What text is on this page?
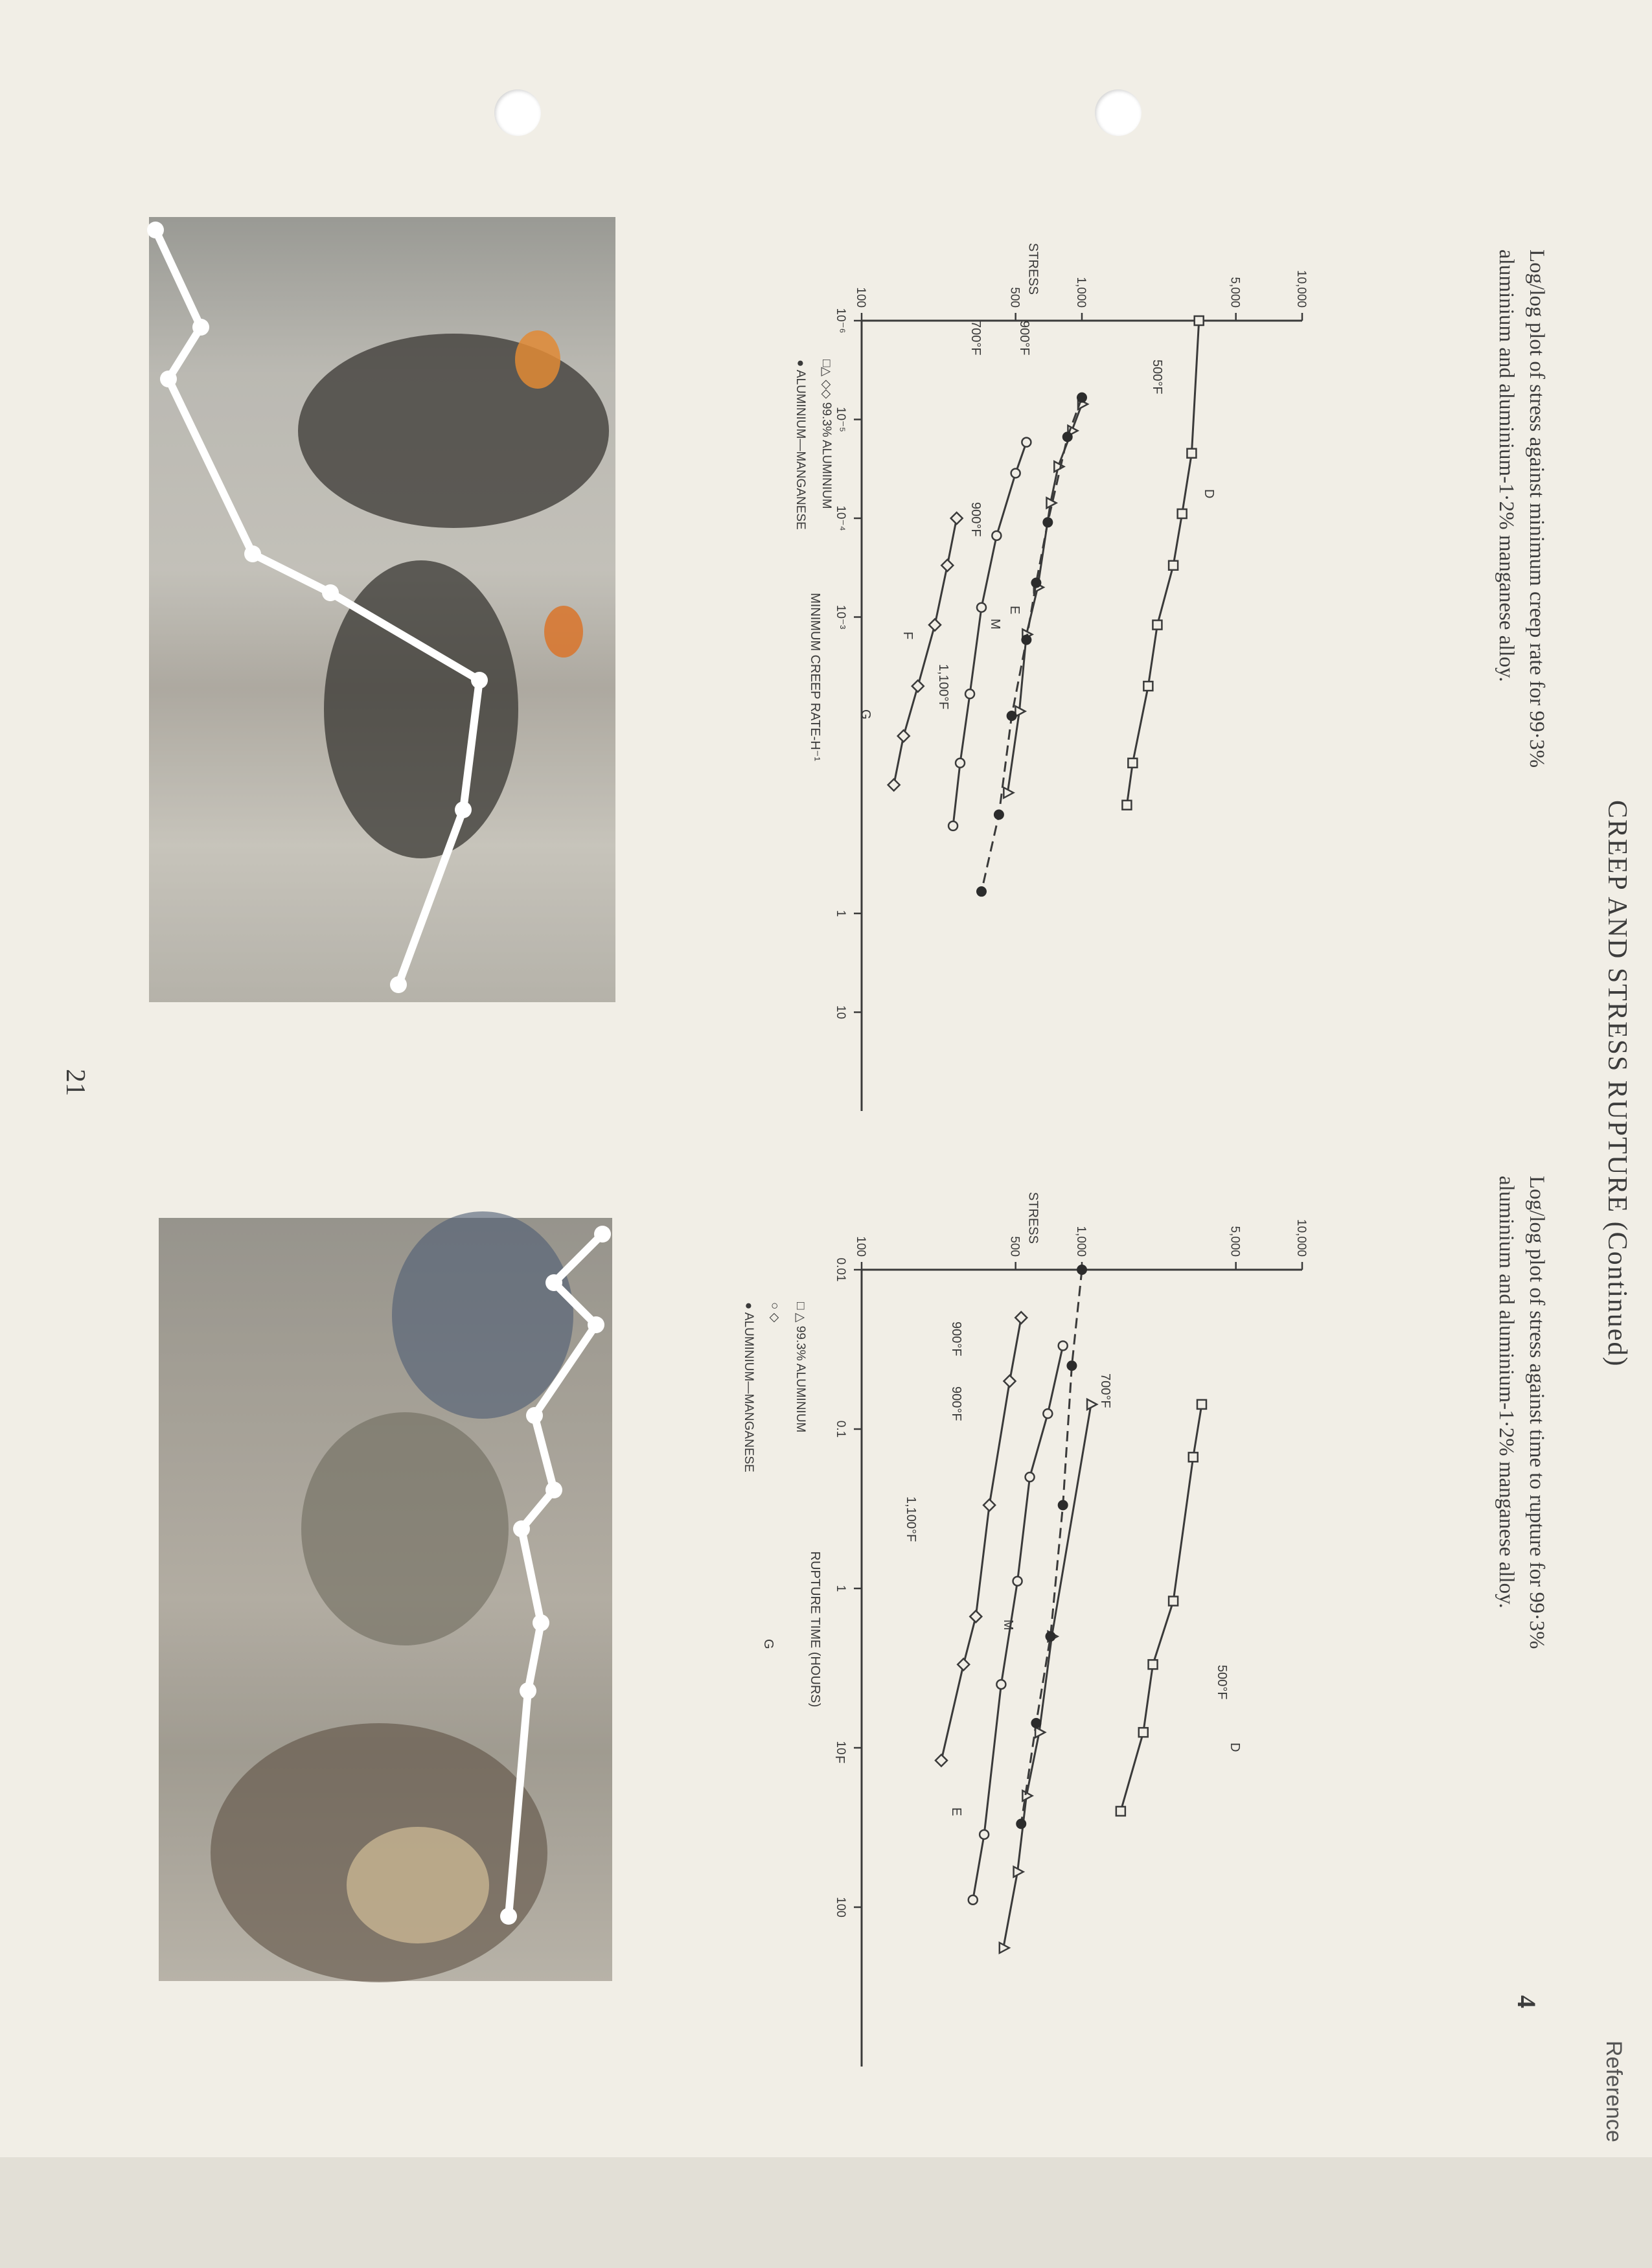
CREEP AND STRESS RUPTURE (Continued)
Reference
4
Log/log plot of stress against minimum creep rate for 99·3%
aluminium and aluminium-1·2% manganese alloy.
Log/log plot of stress against time to rupture for 99·3%
aluminium and aluminium-1·2% manganese alloy.
100	500	1,000	5,000	10,000
10⁻⁶
10⁻⁵
10⁻⁴
10⁻³
1
10
STRESS
MINIMUM CREEP RATE-H⁻¹
500°F
900°F
700°F
900°F
1,100°F
D
E
M
F
G
□△ ◇◇ 99.3% ALUMINIUM
● ALUMINIUM—MANGANESE
100	500	1,000	5,000	10,000
0.01
0.1
1
10
100
STRESS
RUPTURE TIME (HOURS)	500°F
700°F
900°F
900°F
1,100°F
D
E
M
F
G
□ △ 99.3% ALUMINIUM
○ ◇
● ALUMINIUM—MANGANESE
21
